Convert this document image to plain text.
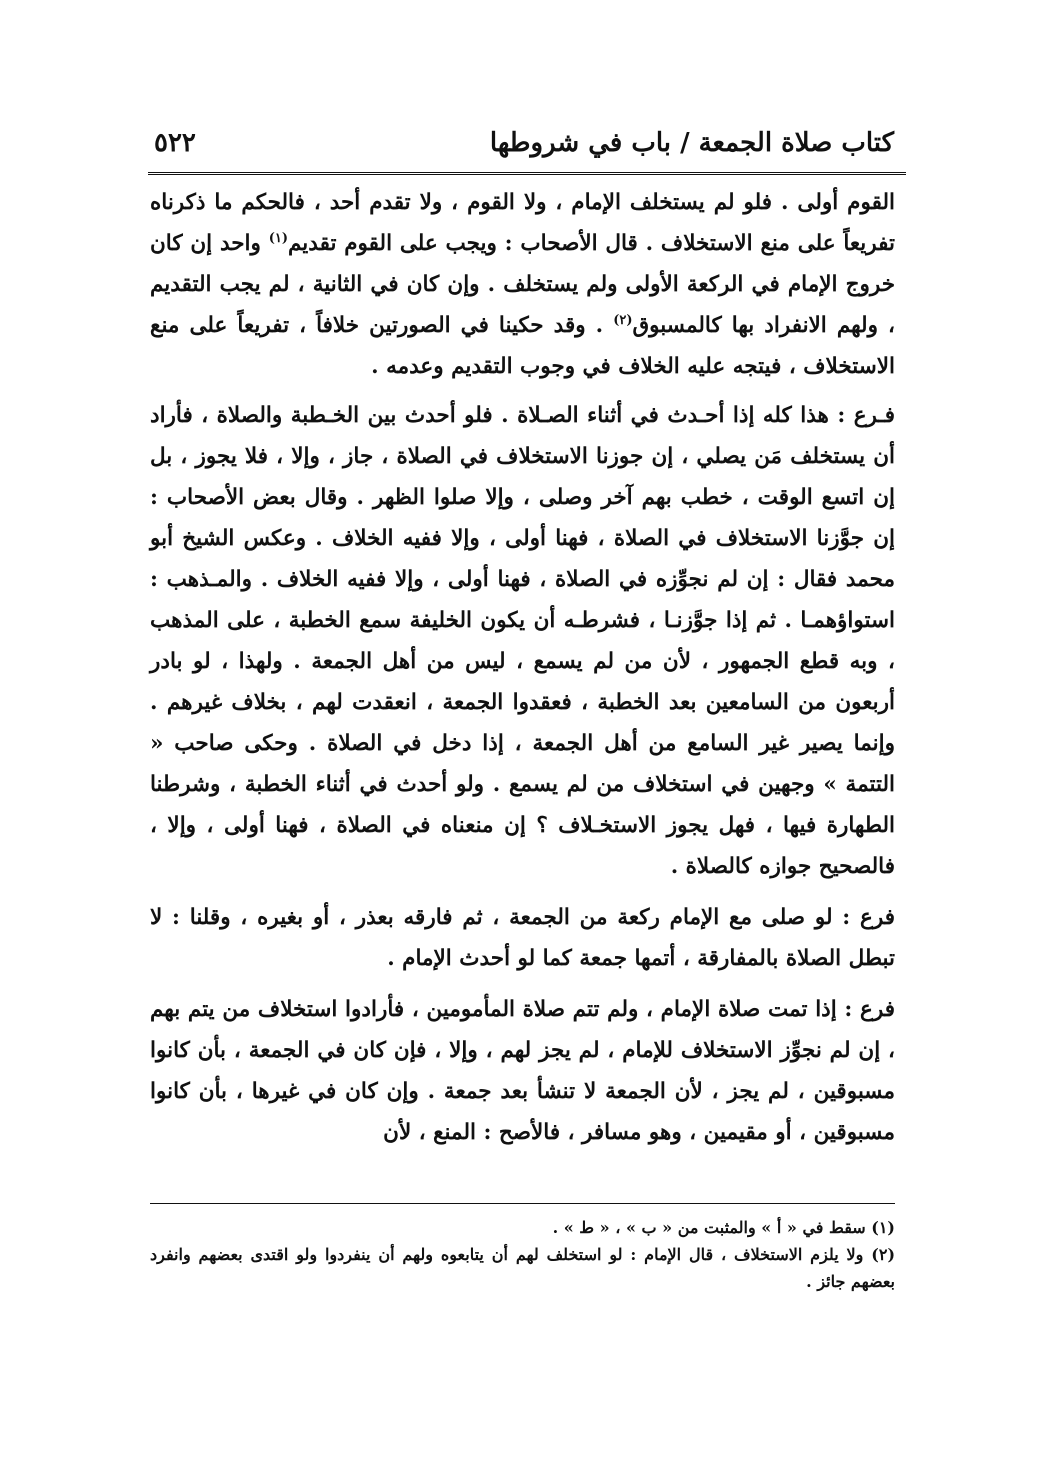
كتاب صلاة الجمعة / باب في شروطها
٥٢٢

القوم أولى . فلو لم يستخلف الإمام ، ولا القوم ، ولا تقدم أحد ، فالحكم ما ذكرناه تفريعاً على منع الاستخلاف . قال الأصحاب : ويجب على القوم تقديم$^{(١)}$ واحد إن كان خروج الإمام في الركعة الأولى ولم يستخلف . وإن كان في الثانية ، لم يجب التقديم ، ولهم الانفراد بها كالمسبوق$^{(٢)}$ . وقد حكينا في الصورتين خلافاً ، تفريعاً على منع الاستخلاف ، فيتجه عليه الخلاف في وجوب التقديم وعدمه .

فـرع : هذا كله إذا أحـدث في أثناء الصـلاة . فلو أحدث بين الخـطبة والصلاة ، فأراد أن يستخلف مَن يصلي ، إن جوزنا الاستخلاف في الصلاة ، جاز ، وإلا ، فلا يجوز ، بل إن اتسع الوقت ، خطب بهم آخر وصلى ، وإلا صلوا الظهر . وقال بعض الأصحاب : إن جوَّزنا الاستخلاف في الصلاة ، فهنا أولى ، وإلا ففيه الخلاف . وعكس الشيخ أبو محمد فقال : إن لم نجوِّزه في الصلاة ، فهنا أولى ، وإلا ففيه الخلاف . والمـذهب : استواؤهمـا . ثم إذا جوَّزنـا ، فشرطـه أن يكون الخليفة سمع الخطبة ، على المذهب ، وبه قطع الجمهور ، لأن من لم يسمع ، ليس من أهل الجمعة . ولهذا ، لو بادر أربعون من السامعين بعد الخطبة ، فعقدوا الجمعة ، انعقدت لهم ، بخلاف غيرهم . وإنما يصير غير السامع من أهل الجمعة ، إذا دخل في الصلاة . وحكى صاحب « التتمة » وجهين في استخلاف من لم يسمع . ولو أحدث في أثناء الخطبة ، وشرطنا الطهارة فيها ، فهل يجوز الاستخـلاف ؟ إن منعناه في الصلاة ، فهنا أولى ، وإلا ، فالصحيح جوازه كالصلاة .

فرع : لو صلى مع الإمام ركعة من الجمعة ، ثم فارقه بعذر ، أو بغيره ، وقلنا : لا تبطل الصلاة بالمفارقة ، أتمها جمعة كما لو أحدث الإمام .

فرع : إذا تمت صلاة الإمام ، ولم تتم صلاة المأمومين ، فأرادوا استخلاف من يتم بهم ، إن لم نجوِّز الاستخلاف للإمام ، لم يجز لهم ، وإلا ، فإن كان في الجمعة ، بأن كانوا مسبوقين ، لم يجز ، لأن الجمعة لا تنشأ بعد جمعة . وإن كان في غيرها ، بأن كانوا مسبوقين ، أو مقيمين ، وهو مسافر ، فالأصح : المنع ، لأن

(١) سقط في « أ » والمثبت من « ب » ، « ط » .

(٢) ولا يلزم الاستخلاف ، قال الإمام : لو استخلف لهم أن يتابعوه ولهم أن ينفردوا ولو اقتدى بعضهم وانفرد بعضهم جائز .
